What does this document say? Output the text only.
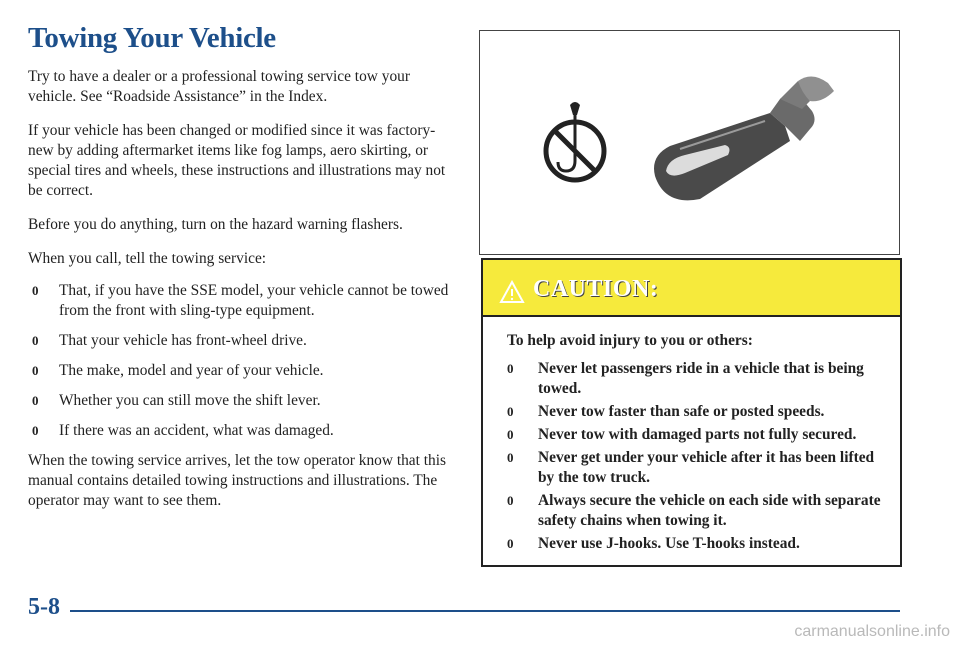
Towing Your Vehicle

Try to have a dealer or a professional towing service tow your vehicle. See “Roadside Assistance” in the Index.

If your vehicle has been changed or modified since it was factory-new by adding aftermarket items like fog lamps, aero skirting, or special tires and wheels, these instructions and illustrations may not be correct.

Before you do anything, turn on the hazard warning flashers.

When you call, tell the towing service:

0 That, if you have the SSE model, your vehicle cannot be towed from the front with sling-type equipment.
0 That your vehicle has front-wheel drive.
0 The make, model and year of your vehicle.
0 Whether you can still move the shift lever.
0 If there was an accident, what was damaged.

When the towing service arrives, let the tow operator know that this manual contains detailed towing instructions and illustrations. The operator may want to see them.

CAUTION:

To help avoid injury to you or others:

0 Never let passengers ride in a vehicle that is being towed.
0 Never tow faster than safe or posted speeds.
0 Never tow with damaged parts not fully secured.
0 Never get under your vehicle after it has been lifted by the tow truck.
0 Always secure the vehicle on each side with separate safety chains when towing it.
0 Never use J-hooks. Use T-hooks instead.
5-8
carmanualsonline.info
